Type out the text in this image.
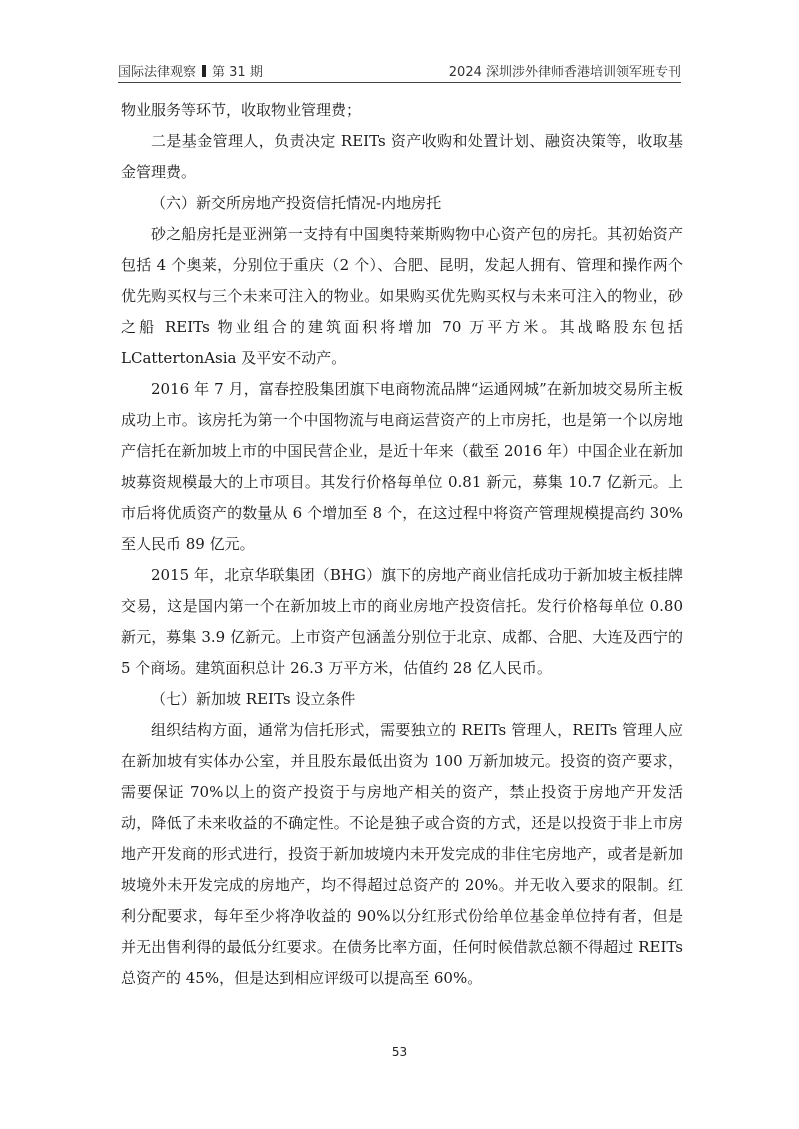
国际法律观察 第 31 期	2024 深圳涉外律师香港培训领军班专刊

物业服务等环节，收取物业管理费；

二是基金管理人，负责决定 REITs 资产收购和处置计划、融资决策等，收取基金管理费。

（六）新交所房地产投资信托情况-内地房托

砂之船房托是亚洲第一支持有中国奥特莱斯购物中心资产包的房托。其初始资产包括 4 个奥莱，分别位于重庆（2 个）、合肥、昆明，发起人拥有、管理和操作两个优先购买权与三个未来可注入的物业。如果购买优先购买权与未来可注入的物业，砂之船 REITs 物业组合的建筑面积将增加 70 万平方米。其战略股东包括 LCattertonAsia 及平安不动产。

2016 年 7 月，富春控股集团旗下电商物流品牌“运通网城”在新加坡交易所主板成功上市。该房托为第一个中国物流与电商运营资产的上市房托，也是第一个以房地产信托在新加坡上市的中国民营企业，是近十年来（截至 2016 年）中国企业在新加坡募资规模最大的上市项目。其发行价格每单位 0.81 新元，募集 10.7 亿新元。上市后将优质资产的数量从 6 个增加至 8 个，在这过程中将资产管理规模提高约 30%至人民币 89 亿元。

2015 年，北京华联集团（BHG）旗下的房地产商业信托成功于新加坡主板挂牌交易，这是国内第一个在新加坡上市的商业房地产投资信托。发行价格每单位 0.80 新元，募集 3.9 亿新元。上市资产包涵盖分别位于北京、成都、合肥、大连及西宁的 5 个商场。建筑面积总计 26.3 万平方米，估值约 28 亿人民币。

（七）新加坡 REITs 设立条件

组织结构方面，通常为信托形式，需要独立的 REITs 管理人，REITs 管理人应在新加坡有实体办公室，并且股东最低出资为 100 万新加坡元。投资的资产要求，需要保证 70%以上的资产投资于与房地产相关的资产，禁止投资于房地产开发活动，降低了未来收益的不确定性。不论是独子或合资的方式，还是以投资于非上市房地产开发商的形式进行，投资于新加坡境内未开发完成的非住宅房地产，或者是新加坡境外未开发完成的房地产，均不得超过总资产的 20%。并无收入要求的限制。红利分配要求，每年至少将净收益的 90%以分红形式份给单位基金单位持有者，但是并无出售利得的最低分红要求。在债务比率方面，任何时候借款总额不得超过 REITs 总资产的 45%，但是达到相应评级可以提高至 60%。

53
